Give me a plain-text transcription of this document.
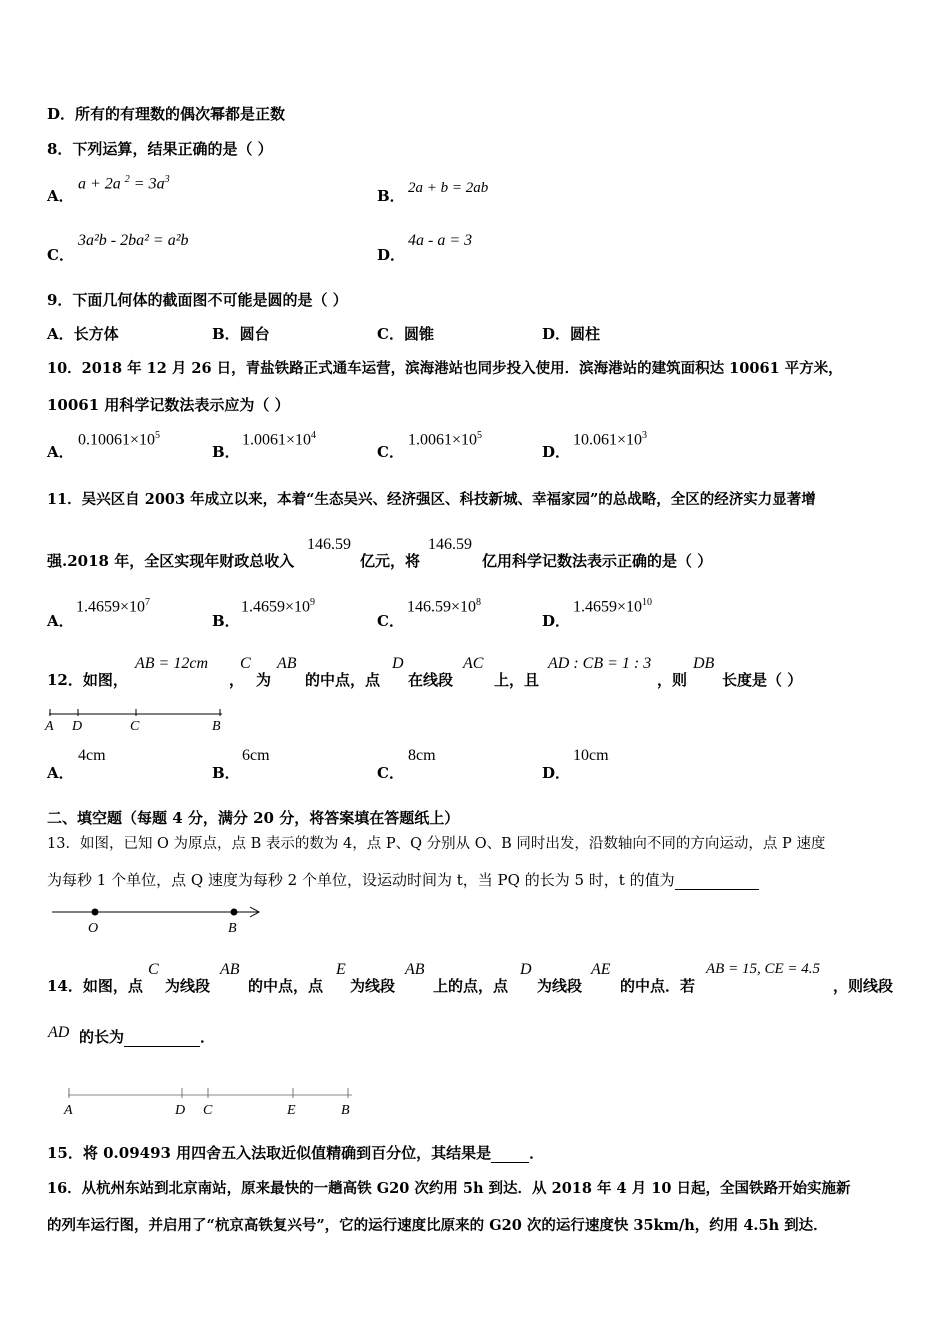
D．所有的有理数的偶次幂都是正数
8．下列运算，结果正确的是（ ）
A．
a + 2a $^2 = 3a^3$
B． 2a + b = 2ab
C．
3a²b - 2ba² = a²b
D．
4a - a = 3
9．下面几何体的截面图不可能是圆的是（ ）
A．长方体	B．圆台	C．圆锥	D．圆柱
10．2018 年 12 月 26 日，青盐铁路正式通车运营，滨海港站也同步投入使用．滨海港站的建筑面积达 10061 平方米，
10061 用科学记数法表示应为（ ）
A．
$0.10061\times 10^5$
B．
$1.0061\times 10^4$
C．
$1.0061\times 10^5$
D．
$10.061\times 10^3$
11．吴兴区自 2003 年成立以来，本着“生态吴兴、经济强区、科技新城、幸福家园”的总战略，全区的经济实力显著增
强.2018 年，全区实现年财政总收入
146.59
亿元，将
146.59
亿用科学记数法表示正确的是（ ）
A．
$1.4659\times 10^7$
B．
$1.4659\times 10^9$
C．
$146.59\times 10^8$
D．
$1.4659\times 10^{10}$
12．如图，
AB = 12cm
，
C
为
AB
的中点，点
D
在线段
AC
上，且
AD : CB = 1 : 3
，则
DB
长度是（ ）
A D	C	B
A．
4cm
B．
6cm
C．
8cm
D．
10cm
二、填空题（每题 4 分，满分 20 分，将答案填在答题纸上）
13．如图，已知 O 为原点，点 B 表示的数为 4，点 P、Q 分别从 O、B 同时出发，沿数轴向不同的方向运动，点 P 速度
为每秒 1 个单位，点 Q 速度为每秒 2 个单位，设运动时间为 t，当 PQ 的长为 5 时，t 的值为
O	B
14．如图，点
C
为线段
AB
的中点，点
E
为线段
AB
上的点，点
D
为线段
AE
的中点．若
AB = 15, CE = 4.5
，则线段
AD 的长为	．
A	D C	E	B
15．将 0.09493 用四舍五入法取近似值精确到百分位，其结果是	．
16．从杭州东站到北京南站，原来最快的一趟高铁 G20 次约用 5h 到达．从 2018 年 4 月 10 日起，全国铁路开始实施新
的列车运行图，并启用了“杭京高铁复兴号”，它的运行速度比原来的 G20 次的运行速度快 35km/h，约用 4.5h 到达．
